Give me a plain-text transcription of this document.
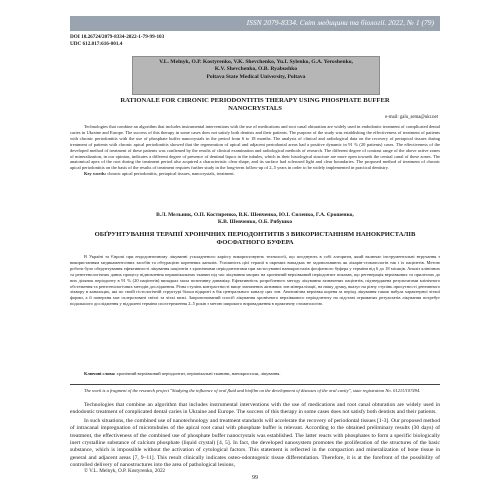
ISSN 2079-8334. Світ медицини та біології. 2022, № 1 (79)
DOI 10.26724/2079-8334-2022-1-79-99-103
UDC 612.017:616-001.4
V.L. Melnyk, O.P. Kostyrenko, V.K. Shevchenko, Yu.I. Sylenko, G.A. Yeroshenko,
K.V. Shevchenko, O.B. Ryabushko
Poltava State Medical University, Poltava
RATIONALE FOR CHRONIC PERIODONTITIS THERAPY USING PHOSPHATE BUFFER NANOCRYSTALS
e-mail: galu_sema@ukr.net
Technologies that combine an algorithm that includes instrumental interventions with the use of medications and root canal obturation are widely used in endodontic treatment of complicated dental caries in Ukraine and Europe. The success of this therapy in some cases does not satisfy both dentists and their patients. The purpose of the study was establishing the effectiveness of treatment of patients with chronic periodontitis with the use of phosphate buffer nanocrystals in the period from 6 to 18 months. The analysis of clinical and radiological data on the recovery of periapical tissues during treatment of patients with chronic apical periodontitis showed that the regeneration of apical and adjacent periodontal areas had a positive dynamic in 91 % (20 patients) cases. The effectiveness of the developed method of treatment of these patients was confirmed by the results of clinical examination and radiological methods of research. The different degree of contrast range of the above active zones of mineralization, in our opinion, indicates a different degree of presence of dentinal liquor in the tubules, which in their histological structure are more open towards the central canal of these zones. The anatomical apex of the root during the treatment period also acquired a characteristic clear shape, and its surface had sclerosed light and clear boundaries. The proposed method of treatment of chronic apical periodontitis on the basis of the results of treatment requires further study in the long-term follow-up of 2–5 years in order to be widely implemented in practical dentistry.
Key words: chronic apical periodontitis, periapical tissues, nanocrystals, treatment.
В.Л. Мельник, О.П. Костиренко, В.К. Шевченко, Ю.І. Силенко, Г.А. Єрошенко,
К.В. Шевченко, О.Б. Рябушко
ОБҐРУНТУВАННЯ ТЕРАПІЇ ХРОНІЧНИХ ПЕРІОДОНТИТІВ З ВИКОРИСТАННЯМ НАНОКРИСТАЛІВ ФОСФАТНОГО БУФЕРА
В Україні та Європі при ендодонтичному лікуванні ускладненого карієсу використовують технології, що поєднують в собі алгоритм, який включає інструментальні втручання з використанням медикаментозних засобів та обтурацією кореневих каналів. Успішність цієї терапії в окремих випадках не задовольняють як лікарів-стоматологів так і їх пацієнтів. Метою роботи було обґрунтування ефективності лікування пацієнтів з хронічними періодонтитами при застосуванні нанокристалів фосфатного буфера у терміни від 6 до 18 місяців. Аналіз клінічних та рентгенологічних даних процесу відновлення периапікальних тканин під час лікування хворих на хронічний верхівковий періодонтит показав, що регенерація верхівкових та прилеглих до них ділянок періодонту в 91 % (20 пацієнтів) випадках мала позитивну динаміку. Ефективність розробленого методу лікування зазначених пацієнтів, підтверджена результатами клінічного обстеження та рентгенологічних методів дослідження. Різна ступінь контрастності вище зазначених активних зон мінералізації, на нашу думку, вказує на різну ступінь присутності дентинного ліквору в канальцях, які по своїй гістологічній структурі більш відкриті в бік центрального каналу цих зон. Анатомічна верхівка кореня за період лікування також набула характерної чіткої форми, а її поверхня має склерозовані світлі та чіткі межі. Запропонований спосіб лікування хронічного верхівкового періодонтиту на підставі отриманих результатів лікування потребує подальшого дослідження у віддалені терміни спостереження 2–5 років з метою широкого впровадження в практичну стоматологію.
Ключові слова: хронічний верхівковий періодонтит, періапікальні тканини, нанокристали, лікування.
The work is a fragment of the research project "Studying the influence of oral fluid and biofilm on the development of diseases of the oral cavity", state registration No. 0121U107494.

Technologies that combine an algorithm that includes instrumental interventions with the use of medications and root canal obturation are widely used in endodontic treatment of complicated dental caries in Ukraine and Europe. The success of this therapy in some cases does not satisfy both dentists and their patients.

In such situations, the combined use of nanotechnology and treatment standards will accelerate the recovery of periodontal tissues [1-3]. Our proposed method of intracanal impregnation of microtubules of the apical root canal with phosphate buffer is relevant. According to the obtained preliminary results (30 days) of treatment, the effectiveness of the combined use of phosphate buffer nanocrystals was established. The latter reacts with phosphates to form a specific biologically inert crystalline substance of calcium phosphate (liquid crystal) [4, 5]. In fact, the developed nanosystem promotes the proliferation of the structures of the basic substance, which is impossible without the activation of cytological factors. This statement is reflected in the compaction and mineralization of bone tissue in general and adjacent areas [7, 9–11]. This result clinically indicates osteo-odontogenic tissue differentiation. Therefore, it is at the forefront of the possibility of controlled delivery of nanostructures into the area of pathological lesions,

© V.L. Melnyk, O.P. Kostyrenko, 2022
99
